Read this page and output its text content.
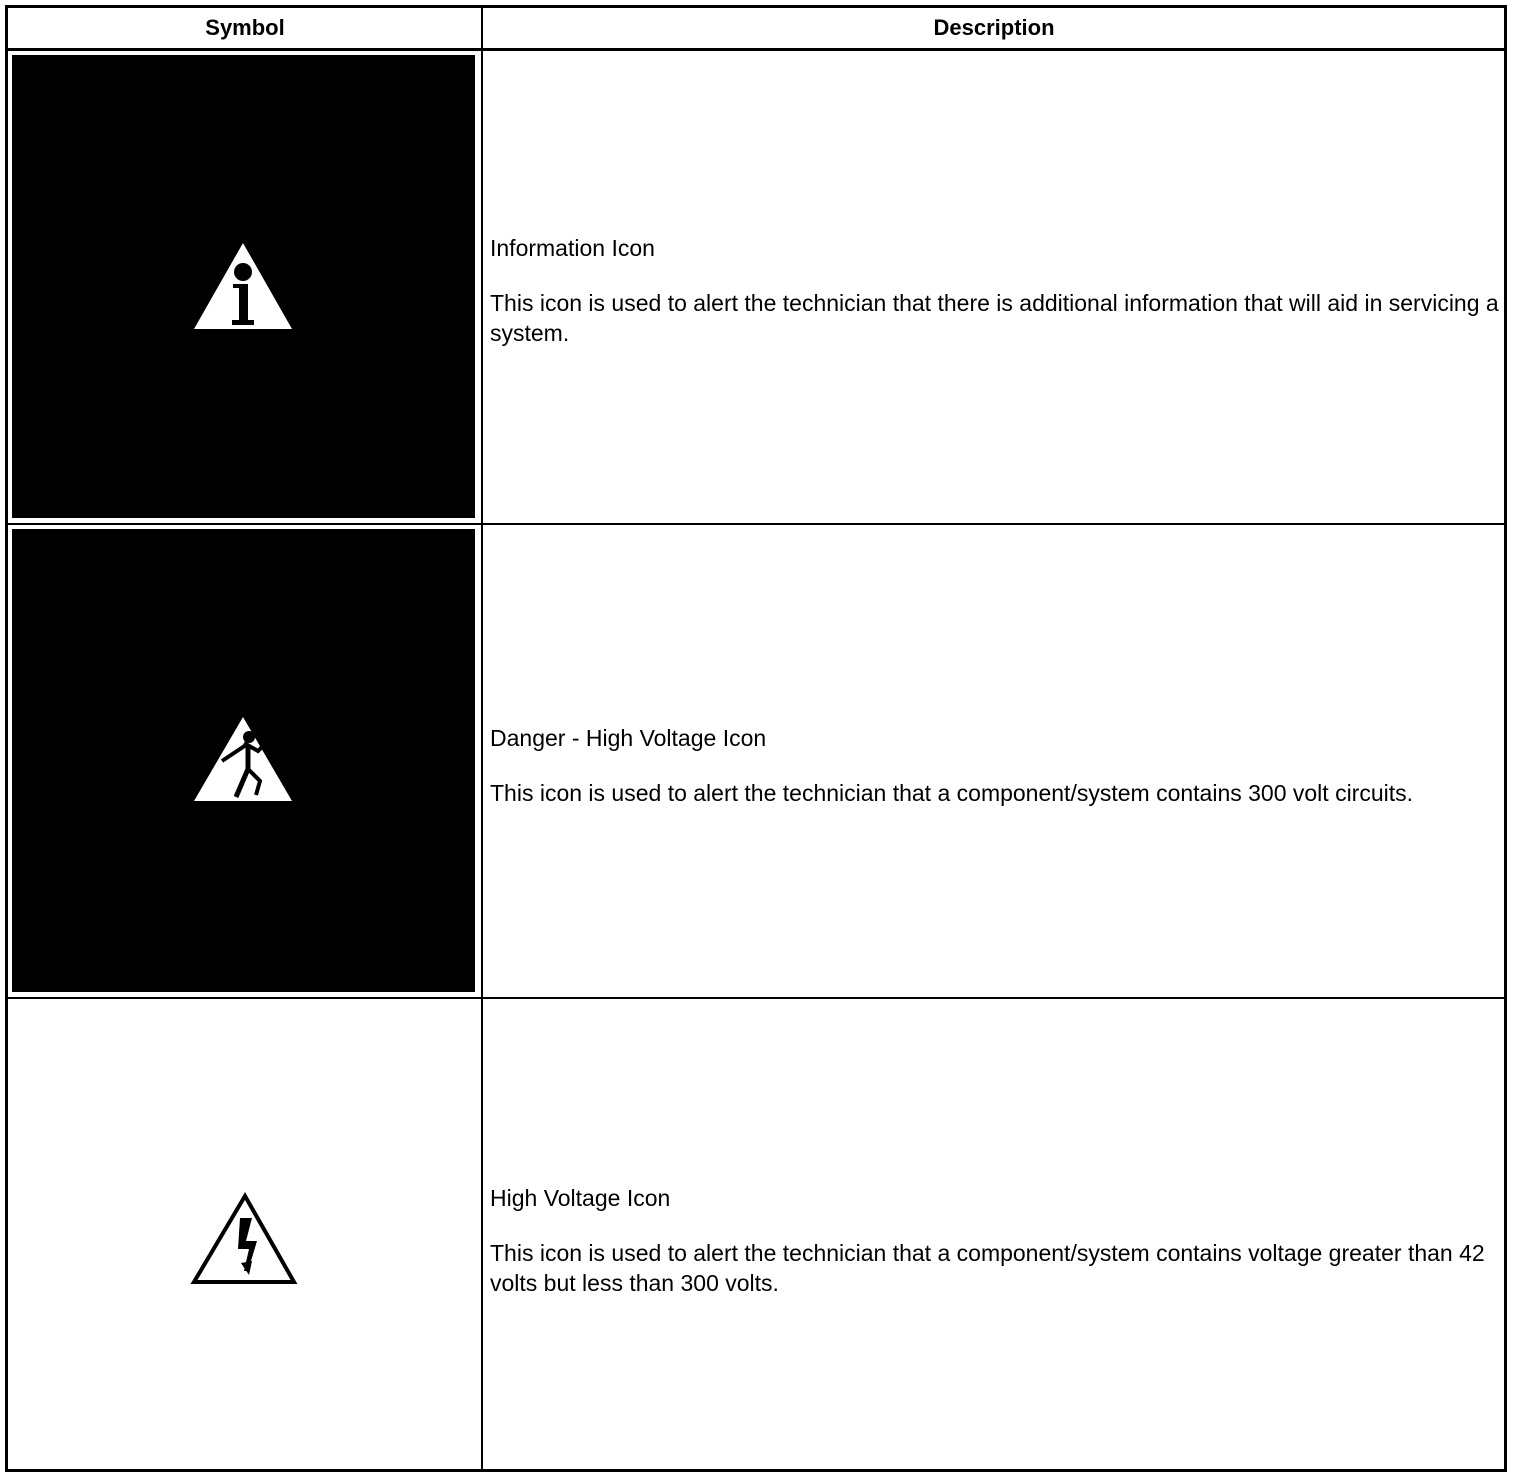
Symbol	Description
Information Icon
This icon is used to alert the technician that there is additional information that will aid in servicing a system.
Danger - High Voltage Icon
This icon is used to alert the technician that a component/system contains 300 volt circuits.
High Voltage Icon
This icon is used to alert the technician that a component/system contains voltage greater than 42 volts but less than 300 volts.
